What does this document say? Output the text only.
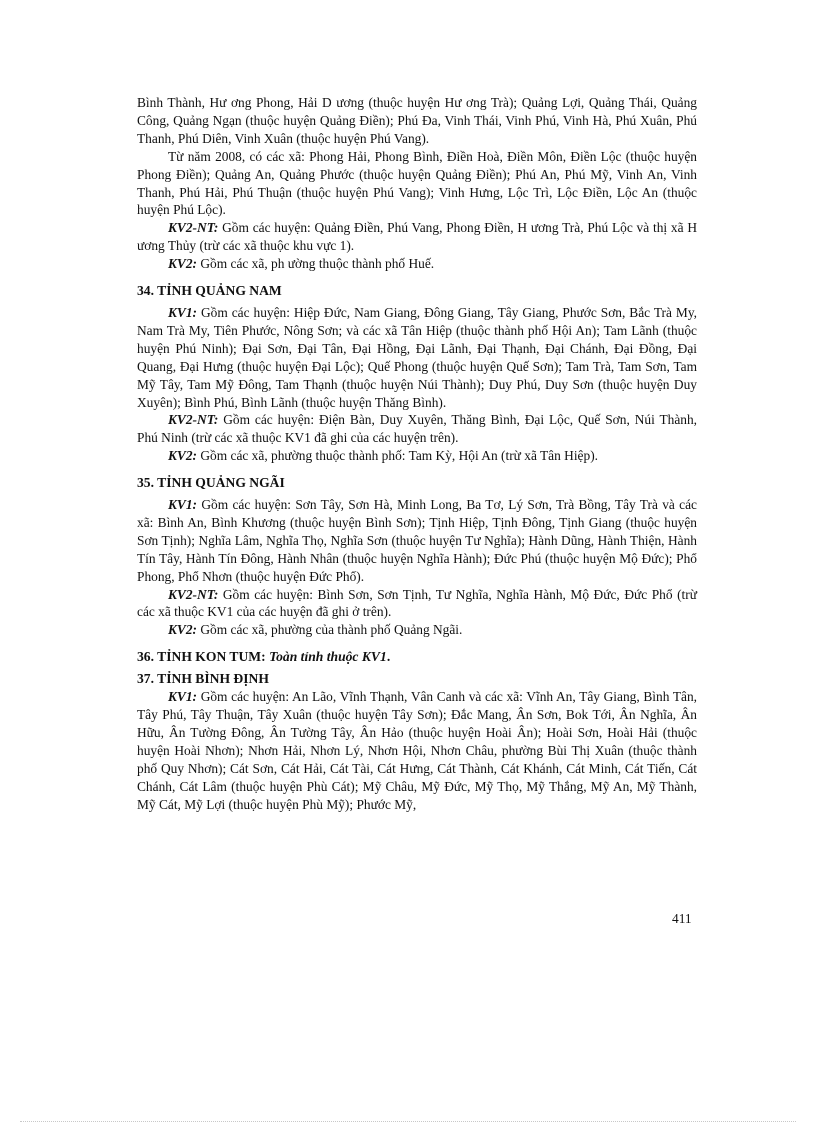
Bình Thành, Hư ơng Phong, Hải D ương (thuộc huyện Hư ơng Trà); Quảng Lợi, Quảng Thái, Quảng Công, Quảng Ngạn (thuộc huyện Quảng Điền); Phú Đa, Vinh Thái, Vinh Phú, Vinh Hà, Phú Xuân, Phú Thanh, Phú Diên, Vinh Xuân (thuộc huyện Phú Vang).

Từ năm 2008, có các xã: Phong Hải, Phong Bình, Điền Hoà, Điền Môn, Điền Lộc (thuộc huyện Phong Điền); Quảng An, Quảng Phước (thuộc huyện Quảng Điền); Phú An, Phú Mỹ, Vinh An, Vinh Thanh, Phú Hải, Phú Thuận (thuộc huyện Phú Vang); Vinh Hưng, Lộc Trì, Lộc Điền, Lộc An (thuộc huyện Phú Lộc).

KV2-NT: Gồm các huyện: Quảng Điền, Phú Vang, Phong Điền, H ương Trà, Phú Lộc và thị xã H ương Thủy (trừ các xã thuộc khu vực 1).

KV2: Gồm các xã, ph ường thuộc thành phố Huế.

34. TỈNH QUẢNG NAM

KV1: Gồm các huyện: Hiệp Đức, Nam Giang, Đông Giang, Tây Giang, Phước Sơn, Bắc Trà My, Nam Trà My, Tiên Phước, Nông Sơn; và các xã Tân Hiệp (thuộc thành phố Hội An); Tam Lãnh (thuộc huyện Phú Ninh); Đại Sơn, Đại Tân, Đại Hồng, Đại Lãnh, Đại Thạnh, Đại Chánh, Đại Đồng, Đại Quang, Đại Hưng (thuộc huyện Đại Lộc); Quế Phong (thuộc huyện Quế Sơn); Tam Trà, Tam Sơn, Tam Mỹ Tây, Tam Mỹ Đông, Tam Thạnh (thuộc huyện Núi Thành); Duy Phú, Duy Sơn (thuộc huyện Duy Xuyên); Bình Phú, Bình Lãnh (thuộc huyện Thăng Bình).

KV2-NT: Gồm các huyện: Điện Bàn, Duy Xuyên, Thăng Bình, Đại Lộc, Quế Sơn, Núi Thành, Phú Ninh (trừ các xã thuộc KV1 đã ghi của các huyện trên).

KV2: Gồm các xã, phường thuộc thành phố: Tam Kỳ, Hội An (trừ xã Tân Hiệp).

35. TỈNH QUẢNG NGÃI

KV1: Gồm các huyện: Sơn Tây, Sơn Hà, Minh Long, Ba Tơ, Lý Sơn, Trà Bồng, Tây Trà và các xã: Bình An, Bình Khương (thuộc huyện Bình Sơn); Tịnh Hiệp, Tịnh Đông, Tịnh Giang (thuộc huyện Sơn Tịnh); Nghĩa Lâm, Nghĩa Thọ, Nghĩa Sơn (thuộc huyện Tư Nghĩa); Hành Dũng, Hành Thiện, Hành Tín Tây, Hành Tín Đông, Hành Nhân (thuộc huyện Nghĩa Hành); Đức Phú (thuộc huyện Mộ Đức); Phổ Phong, Phổ Nhơn (thuộc huyện Đức Phổ).

KV2-NT: Gồm các huyện: Bình Sơn, Sơn Tịnh, Tư Nghĩa, Nghĩa Hành, Mộ Đức, Đức Phổ (trừ các xã thuộc KV1 của các huyện đã ghi ở trên).

KV2: Gồm các xã, phường của thành phố Quảng Ngãi.

36. TỈNH KON TUM: Toàn tỉnh thuộc KV1.
37. TỈNH BÌNH ĐỊNH

KV1: Gồm các huyện: An Lão, Vĩnh Thạnh, Vân Canh và các xã: Vĩnh An, Tây Giang, Bình Tân, Tây Phú, Tây Thuận, Tây Xuân (thuộc huyện Tây Sơn); Đắc Mang, Ân Sơn, Bok Tới, Ân Nghĩa, Ân Hữu, Ân Tường Đông, Ân Tường Tây, Ân Hảo (thuộc huyện Hoài Ân); Hoài Sơn, Hoài Hải (thuộc huyện Hoài Nhơn); Nhơn Hải, Nhơn Lý, Nhơn Hội, Nhơn Châu, phường Bùi Thị Xuân (thuộc thành phố Quy Nhơn); Cát Sơn, Cát Hải, Cát Tài, Cát Hưng, Cát Thành, Cát Khánh, Cát Minh, Cát Tiến, Cát Chánh, Cát Lâm (thuộc huyện Phù Cát); Mỹ Châu, Mỹ Đức, Mỹ Thọ, Mỹ Thắng, Mỹ An, Mỹ Thành, Mỹ Cát, Mỹ Lợi (thuộc huyện Phù Mỹ); Phước Mỹ,

411
